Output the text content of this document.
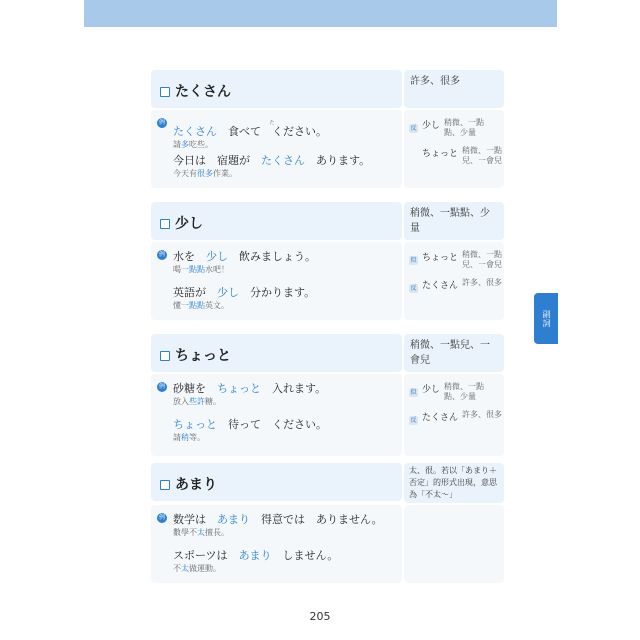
副詞
たくさん
許多、很多
例
たくさん　食べて　ください。た
請多吃些。
今日は　宿題が　たくさん　あります。
今天有很多作業。
反 少し 稍微、一點點、少量
ちょっと 稍微、一點兒、一會兒
少し
稍微、一點點、少量
例 水を　少し　飲みましょう。
喝一點點水吧！
英語が　少し　分かります。
懂一點點英文。
似 ちょっと 稍微、一點兒、一會兒
反 たくさん 許多、很多
ちょっと
稍微、一點兒、一會兒
例 砂糖を　ちょっと　入れます。
放入些許糖。
ちょっと　待って　ください。
請稍等。
似 少し 稍微、一點點、少量
反 たくさん 許多、很多
あまり
太、很。若以「あまり＋否定」的形式出現，意思為「不太～」
例 数学は　あまり　得意では　ありません。
數學不太擅長。
スポーツは　あまり　しません。
不太做運動。
205
